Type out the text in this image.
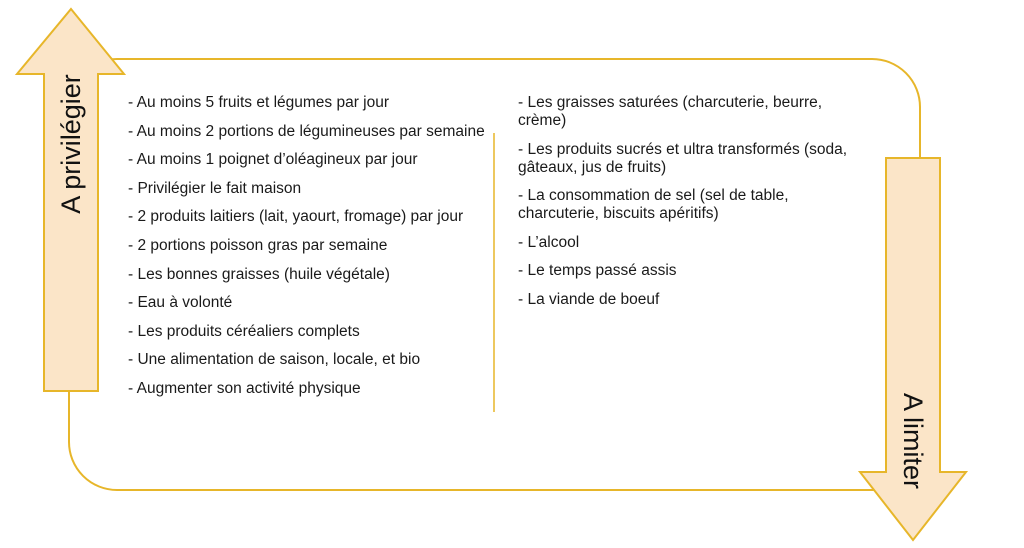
A privilégier
A limiter
- Au moins 5 fruits et légumes par jour
- Au moins 2 portions de légumineuses par semaine
- Au moins 1 poignet d’oléagineux par jour
- Privilégier le fait maison
- 2 produits laitiers (lait, yaourt, fromage) par jour
- 2 portions poisson gras par semaine
- Les bonnes graisses (huile végétale)
- Eau à volonté
- Les produits céréaliers complets
- Une alimentation de saison, locale, et bio
- Augmenter son activité physique
- Les graisses saturées (charcuterie, beurre, crème)
- Les produits sucrés et ultra transformés (soda, gâteaux, jus de fruits)
- La consommation de sel (sel de table, charcuterie, biscuits apéritifs)
- L’alcool
- Le temps passé assis
- La viande de boeuf
